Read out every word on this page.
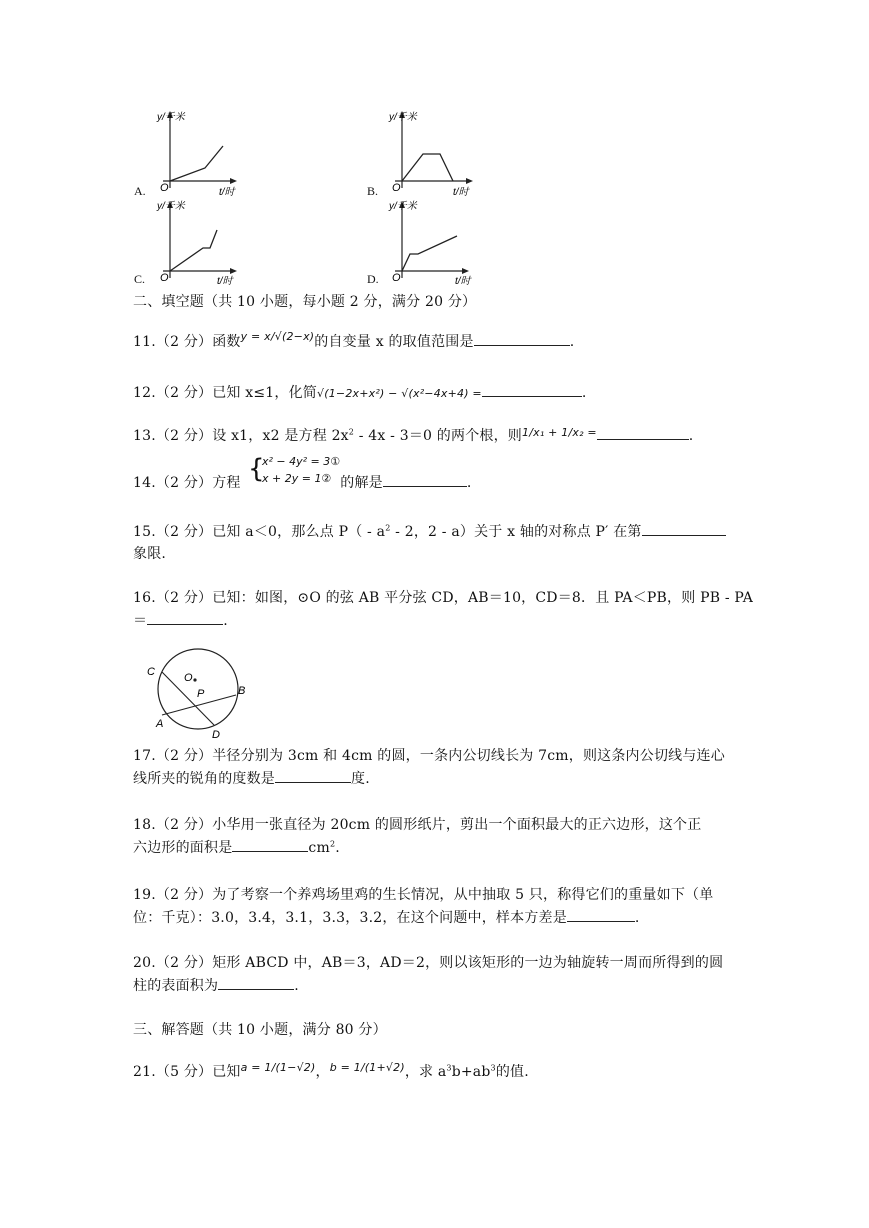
y/千米
t/时
O
A.
y/千米
t/时
O
B.
y/千米
t/时
O
C.
y/千米
t/时
O
D.
二、填空题（共 10 小题，每小题 2 分，满分 20 分）
11.（2 分）函数$^{y = x/√(2-x)}$的自变量 x 的取值范围是	.
12.（2 分）已知 x≤1，化简√(1−2x+x²) − √(x²−4x+4) =	.
13.（2 分）设 x1，x2 是方程 $2x^2 - 4x - 3=0$ 的两个根，则$^{1/x_1 + 1/x_2 =}$	.
{
x² − 4y² = 3①
x + 2y = 1②
14.（2 分）方程	的解是	.
15.（2 分）已知 a＜0，那么点 $P( - a^2 - 2$，2 - a）关于 x 轴的对称点 P′ 在第
象限.
16.（2 分）已知：如图，⊙O 的弦 AB 平分弦 CD，AB＝10，CD＝8．且 PA＜PB，则 PB - PA
＝	.
C	O
P	B
A
D
17.（2 分）半径分别为 3cm 和 4cm 的圆，一条内公切线长为 7cm，则这条内公切线与连心
线所夹的锐角的度数是	度.
18.（2 分）小华用一张直径为 20cm 的圆形纸片，剪出一个面积最大的正六边形，这个正
六边形的面积是	$cm^2$.
19.（2 分）为了考察一个养鸡场里鸡的生长情况，从中抽取 5 只，称得它们的重量如下（单
位：千克）：3.0，3.4，3.1，3.3，3.2，在这个问题中，样本方差是	.
20.（2 分）矩形 ABCD 中，AB＝3，AD＝2，则以该矩形的一边为轴旋转一周而所得到的圆
柱的表面积为	.
三、解答题（共 10 小题，满分 80 分）
21.（5 分）已知$^{a = 1/(1-√2)}$，$^{b = 1/(1+√2)}$，求 $a^3b+ab^3$的值.
